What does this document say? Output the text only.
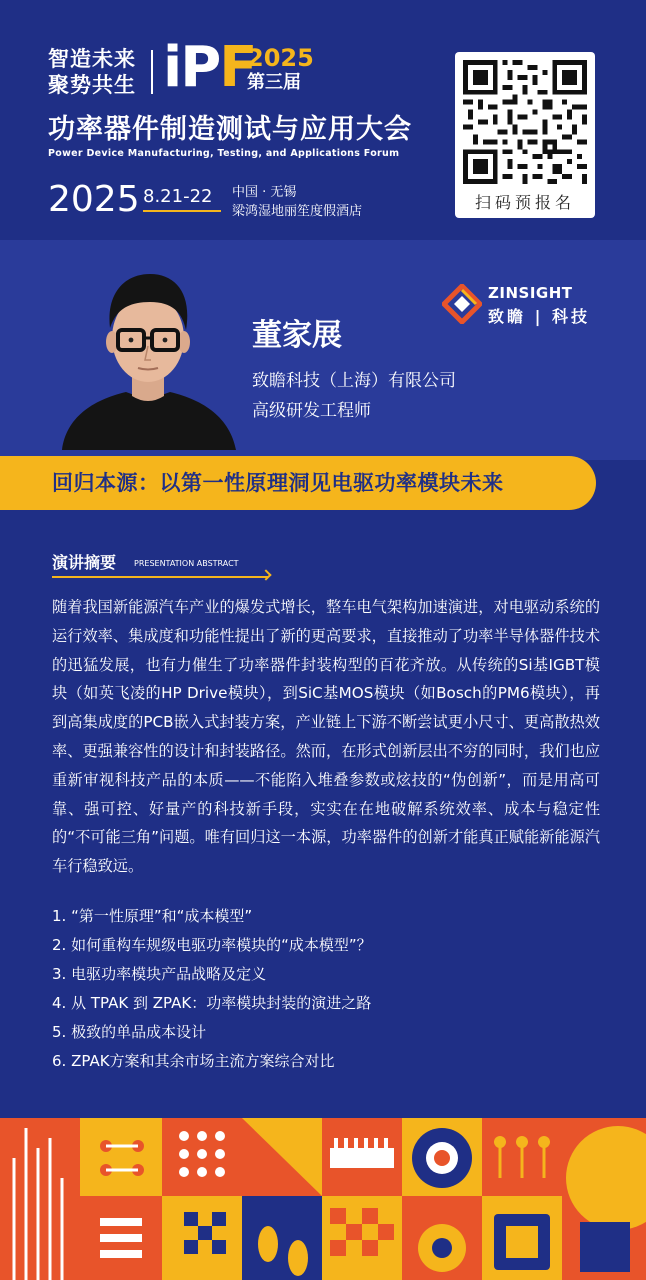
智造未来
聚势共生 iPF
2025
第三届
功率器件制造测试与应用大会
Power Device Manufacturing, Testing, and Applications Forum
2025 8.21-22 中国 · 无锡
梁鸿湿地丽笙度假酒店	扫码预报名
董家展
致瞻科技（上海）有限公司
高级研发工程师
ZINSIGHT
致瞻 | 科技
回归本源：以第一性原理洞见电驱功率模块未来
演讲摘要 PRESENTATION ABSTRACT
随着我国新能源汽车产业的爆发式增长，整车电气架构加速演进，对电驱动系统的运行效率、集成度和功能性提出了新的更高要求，直接推动了功率半导体器件技术的迅猛发展，也有力催生了功率器件封装构型的百花齐放。从传统的Si基IGBT模块（如英飞凌的HP Drive模块），到SiC基MOS模块（如Bosch的PM6模块），再到高集成度的PCB嵌入式封装方案，产业链上下游不断尝试更小尺寸、更高散热效率、更强兼容性的设计和封装路径。然而，在形式创新层出不穷的同时，我们也应重新审视科技产品的本质——不能陷入堆叠参数或炫技的“伪创新”，而是用高可靠、强可控、好量产的科技新手段，实实在在地破解系统效率、成本与稳定性的“不可能三角”问题。唯有回归这一本源，功率器件的创新才能真正赋能新能源汽车行稳致远。
1. “第一性原理”和“成本模型”
2. 如何重构车规级电驱功率模块的“成本模型”？
3. 电驱功率模块产品战略及定义
4. 从 TPAK 到 ZPAK：功率模块封装的演进之路
5. 极致的单品成本设计
6. ZPAK方案和其余市场主流方案综合对比
